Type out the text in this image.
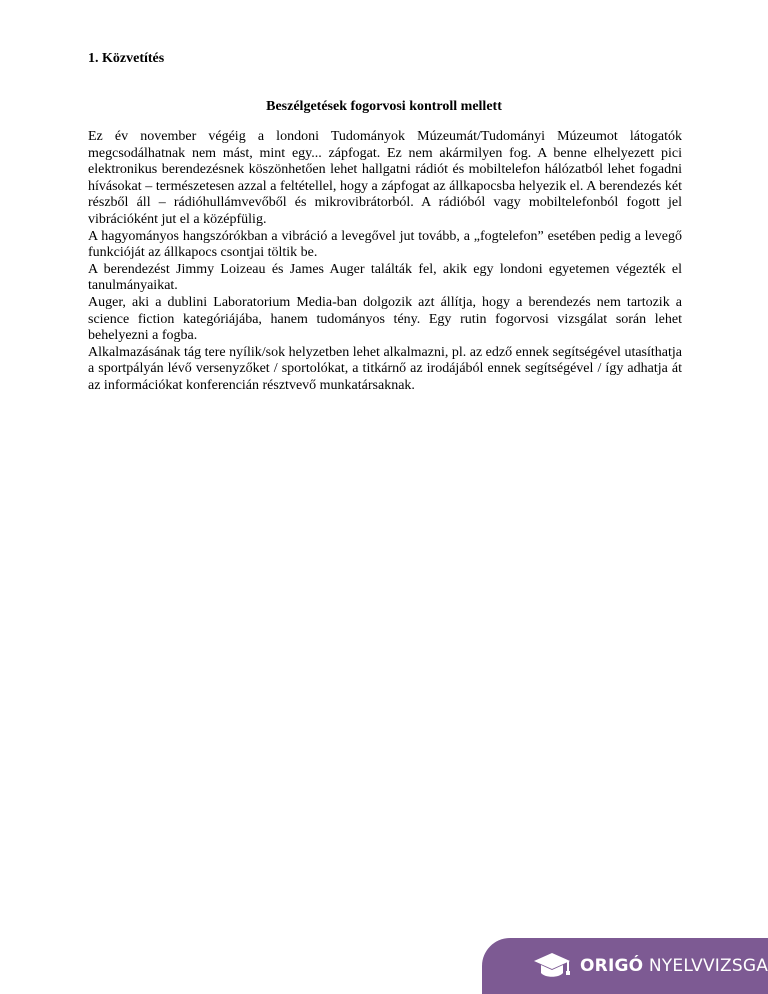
1. Közvetítés
Beszélgetések fogorvosi kontroll mellett

Ez év november végéig a londoni Tudományok Múzeumát/Tudományi Múzeumot látogatók megcsodálhatnak nem mást, mint egy... zápfogat. Ez nem akármilyen fog. A benne elhelyezett pici elektronikus berendezésnek köszönhetően lehet hallgatni rádiót és mobiltelefon hálózatból lehet fogadni hívásokat – természetesen azzal a feltétellel, hogy a zápfogat az állkapocsba helyezik el. A berendezés két részből áll – rádióhullámvevőből és mikrovibrátorból. A rádióból vagy mobiltelefonból fogott jel vibrációként jut el a középfülig.

A hagyományos hangszórókban a vibráció a levegővel jut tovább, a „fogtelefon” esetében pedig a levegő funkcióját az állkapocs csontjai töltik be.

A berendezést Jimmy Loizeau és James Auger találták fel, akik egy londoni egyetemen végezték el tanulmányaikat.

Auger, aki a dublini Laboratorium Media-ban dolgozik azt állítja, hogy a berendezés nem tartozik a science fiction kategóriájába, hanem tudományos tény. Egy rutin fogorvosi vizsgálat során lehet behelyezni a fogba.

Alkalmazásának tág tere nyílik/sok helyzetben lehet alkalmazni, pl. az edző ennek segítségével utasíthatja a sportpályán lévő versenyzőket / sportolókat, a titkárnő az irodájából ennek segítségével / így adhatja át az információkat konferencián résztvevő munkatársaknak.

ORIGÓ NYELVVIZSGA
